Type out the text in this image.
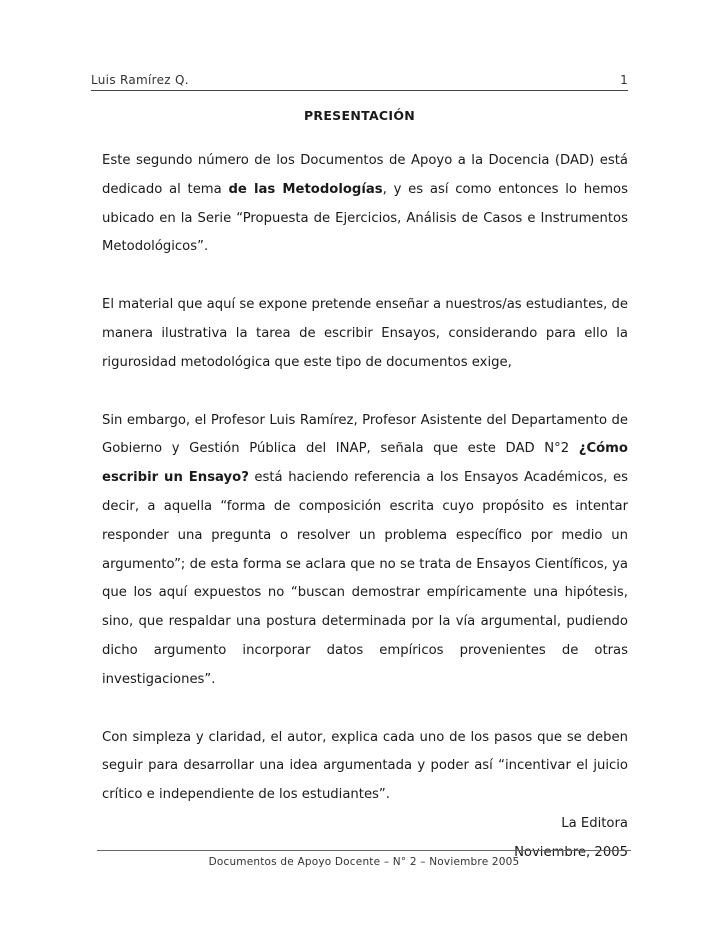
Luis Ramírez Q.	1
PRESENTACIÓN

Este segundo número de los Documentos de Apoyo a la Docencia (DAD) está dedicado al tema de las Metodologías, y es así como entonces lo hemos ubicado en la Serie “Propuesta de Ejercicios, Análisis de Casos e Instrumentos Metodológicos”.

El material que aquí se expone pretende enseñar a nuestros/as estudiantes, de manera ilustrativa la tarea de escribir Ensayos, considerando para ello la rigurosidad metodológica que este tipo de documentos exige,

Sin embargo, el Profesor Luis Ramírez, Profesor Asistente del Departamento de Gobierno y Gestión Pública del INAP, señala que este DAD N°2 ¿Cómo escribir un Ensayo? está haciendo referencia a los Ensayos Académicos, es decir, a aquella “forma de composición escrita cuyo propósito es intentar responder una pregunta o resolver un problema específico por medio un argumento”; de esta forma se aclara que no se trata de Ensayos Científicos, ya que los aquí expuestos no “buscan demostrar empíricamente una hipótesis, sino, que respaldar una postura determinada por la vía argumental, pudiendo dicho argumento incorporar datos empíricos provenientes de otras investigaciones”.

Con simpleza y claridad, el autor, explica cada uno de los pasos que se deben seguir para desarrollar una idea argumentada y poder así “incentivar el juicio crítico e independiente de los estudiantes”.

La Editora
Noviembre, 2005
Documentos de Apoyo Docente – N° 2 – Noviembre 2005
